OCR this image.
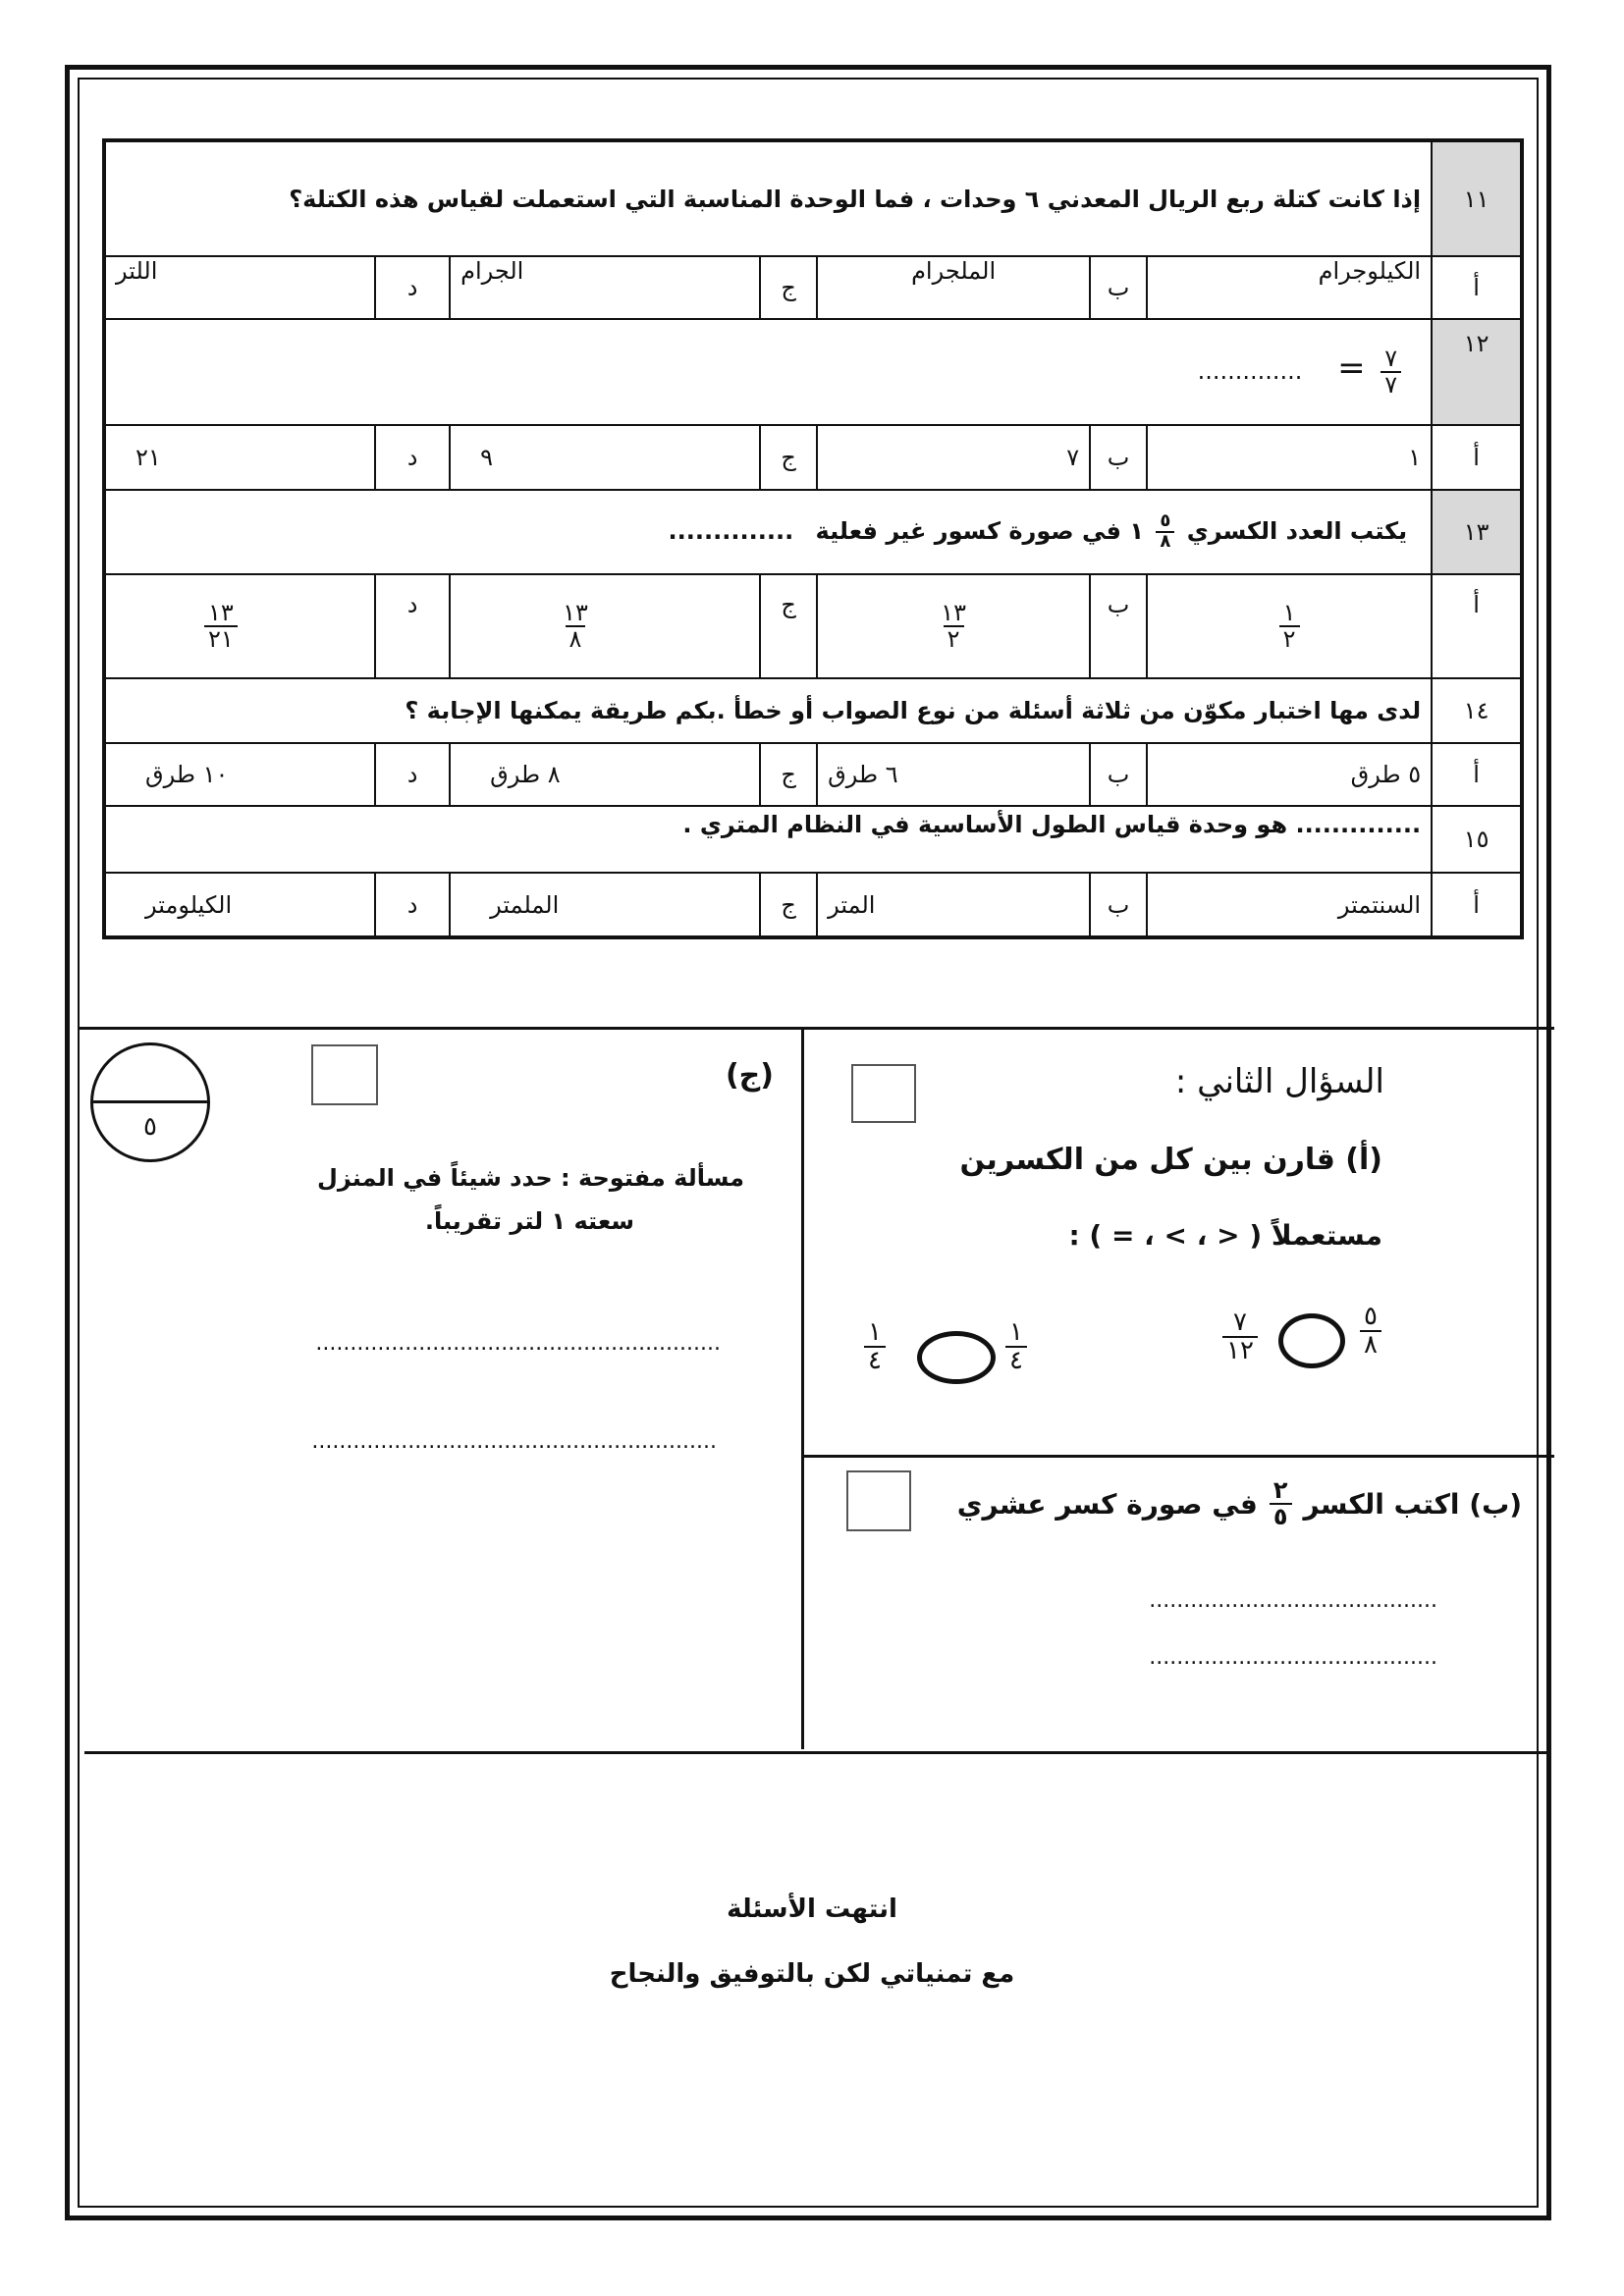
١١	إذا كانت كتلة ربع الريال المعدني ٦ وحدات ، فما الوحدة المناسبة التي استعملت لقياس هذه الكتلة؟						
أ	الكيلوجرام	ب	الملجرام	ج	الجرام	د	اللتر
١٢	$\frac{٧}{٧}$
= ..............						
أ	١	ب	٧	ج	٩	د	٢١
١٣	يكتب العدد الكسري
$\frac{٥}{٨}$
١ في صورة كسور غير فعلية ..............						
أ	$\frac{١}{٢}$	ب	$\frac{١٣}{٢}$	ج	$\frac{١٣}{٨}$	د	$\frac{١٣}{٢١}$

١٤	لدى مها اختبار مكوّن من ثلاثة أسئلة من نوع الصواب أو خطأ .بكم طريقة يمكنها الإجابة ؟						
أ	٥ طرق	ب	٦ طرق	ج	٨ طرق	د	١٠ طرق
١٥	.............. هو وحدة قياس الطول الأساسية في النظام المتري .						
أ	السنتمتر	ب	المتر	ج	الملمتر	د	الكيلومتر
السؤال الثاني :
(أ) قارن بين كل من الكسرين
مستعملاً ( < ، > ، = ) :
$\frac{٥}{٨}$
$\frac{٧}{١٢}$
$\frac{١}{٤}$
$\frac{١}{٤}$
(ب) اكتب الكسر
$\frac{٢}{٥}$
في صورة كسر عشري
..........................................
..........................................
(ج)
مسألة مفتوحة : حدد شيئاً في المنزل
سعته ١ لتر تقريباً.
...........................................................
...........................................................
٥
انتهت الأسئلة
مع تمنياتي لكن بالتوفيق والنجاح
